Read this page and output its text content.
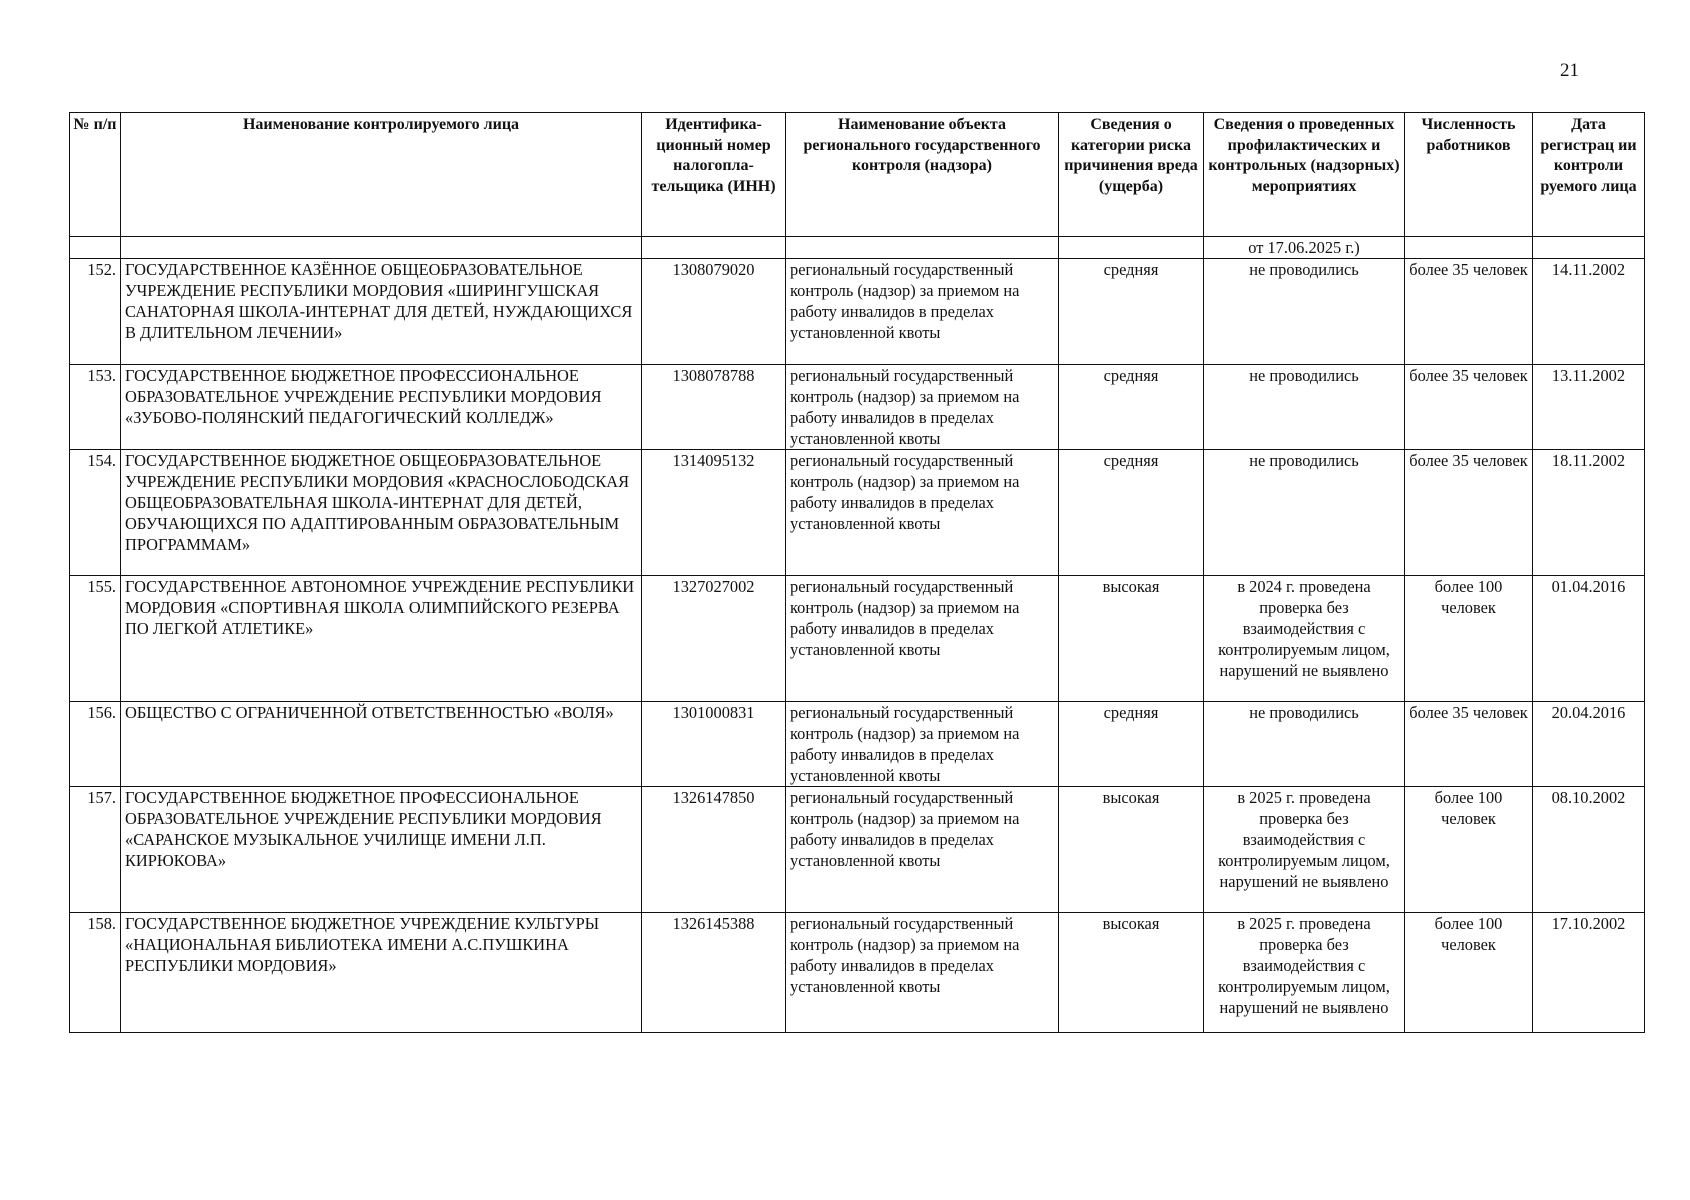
21
№ п/п	Наименование контролируемого лица	Идентифика-ционный номер налогопла-тельщика (ИНН)	Наименование объекта регионального государственного контроля (надзора)	Сведения о категории риска причинения вреда (ущерба)	Сведения о проведенных профилактических и контрольных (надзорных) мероприятиях	Численность работников	Дата регистрац ии контроли руемого лица
					от 17.06.2025 г.)		
152.	ГОСУДАРСТВЕННОЕ КАЗЁННОЕ ОБЩЕОБРАЗОВАТЕЛЬНОЕ УЧРЕЖДЕНИЕ РЕСПУБЛИКИ МОРДОВИЯ «ШИРИНГУШСКАЯ САНАТОРНАЯ ШКОЛА-ИНТЕРНАТ ДЛЯ ДЕТЕЙ, НУЖДАЮЩИХСЯ В ДЛИТЕЛЬНОМ ЛЕЧЕНИИ»	1308079020	региональный государственный контроль (надзор) за приемом на работу инвалидов в пределах установленной квоты	средняя	не проводились	более 35 человек	14.11.2002
153.	ГОСУДАРСТВЕННОЕ БЮДЖЕТНОЕ ПРОФЕССИОНАЛЬНОЕ ОБРАЗОВАТЕЛЬНОЕ УЧРЕЖДЕНИЕ РЕСПУБЛИКИ МОРДОВИЯ «ЗУБОВО-ПОЛЯНСКИЙ ПЕДАГОГИЧЕСКИЙ КОЛЛЕДЖ»	1308078788	региональный государственный контроль (надзор) за приемом на работу инвалидов в пределах установленной квоты	средняя	не проводились	более 35 человек	13.11.2002
154.	ГОСУДАРСТВЕННОЕ БЮДЖЕТНОЕ ОБЩЕОБРАЗОВАТЕЛЬНОЕ УЧРЕЖДЕНИЕ РЕСПУБЛИКИ МОРДОВИЯ «КРАСНОСЛОБОДСКАЯ ОБЩЕОБРАЗОВАТЕЛЬНАЯ ШКОЛА-ИНТЕРНАТ ДЛЯ ДЕТЕЙ, ОБУЧАЮЩИХСЯ ПО АДАПТИРОВАННЫМ ОБРАЗОВАТЕЛЬНЫМ ПРОГРАММАМ»	1314095132	региональный государственный контроль (надзор) за приемом на работу инвалидов в пределах установленной квоты	средняя	не проводились	более 35 человек	18.11.2002
155.	ГОСУДАРСТВЕННОЕ АВТОНОМНОЕ УЧРЕЖДЕНИЕ РЕСПУБЛИКИ МОРДОВИЯ «СПОРТИВНАЯ ШКОЛА ОЛИМПИЙСКОГО РЕЗЕРВА ПО ЛЕГКОЙ АТЛЕТИКЕ»	1327027002	региональный государственный контроль (надзор) за приемом на работу инвалидов в пределах установленной квоты	высокая	в 2024 г. проведена проверка без взаимодействия с контролируемым лицом, нарушений не выявлено	более 100 человек	01.04.2016
156.	ОБЩЕСТВО С ОГРАНИЧЕННОЙ ОТВЕТСТВЕННОСТЬЮ «ВОЛЯ»	1301000831	региональный государственный контроль (надзор) за приемом на работу инвалидов в пределах установленной квоты	средняя	не проводились	более 35 человек	20.04.2016
157.	ГОСУДАРСТВЕННОЕ БЮДЖЕТНОЕ ПРОФЕССИОНАЛЬНОЕ ОБРАЗОВАТЕЛЬНОЕ УЧРЕЖДЕНИЕ РЕСПУБЛИКИ МОРДОВИЯ «САРАНСКОЕ МУЗЫКАЛЬНОЕ УЧИЛИЩЕ ИМЕНИ Л.П. КИРЮКОВА»	1326147850	региональный государственный контроль (надзор) за приемом на работу инвалидов в пределах установленной квоты	высокая	в 2025 г. проведена проверка без взаимодействия с контролируемым лицом, нарушений не выявлено	более 100 человек	08.10.2002
158.	ГОСУДАРСТВЕННОЕ БЮДЖЕТНОЕ УЧРЕЖДЕНИЕ КУЛЬТУРЫ «НАЦИОНАЛЬНАЯ БИБЛИОТЕКА ИМЕНИ А.С.ПУШКИНА РЕСПУБЛИКИ МОРДОВИЯ»	1326145388	региональный государственный контроль (надзор) за приемом на работу инвалидов в пределах установленной квоты	высокая	в 2025 г. проведена проверка без взаимодействия с контролируемым лицом, нарушений не выявлено	более 100 человек	17.10.2002
